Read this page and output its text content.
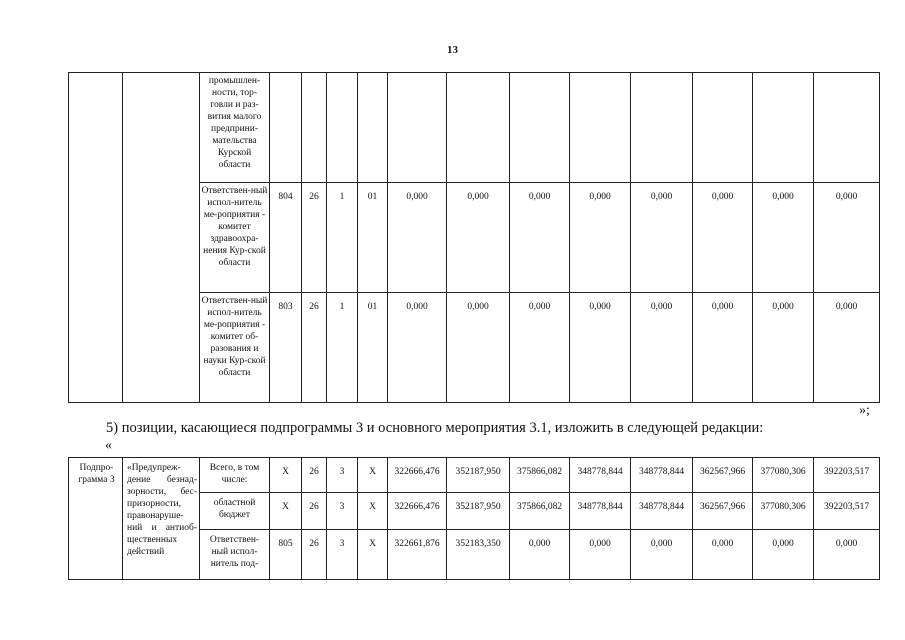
13
		промышлен-ности, тор-говли и раз-вития малого предприни-мательства Курской области												
		Ответствен-ный испол-нитель ме-роприятия - комитет здравоохра-нения Кур-ской области	804	26	1	01	0,000	0,000	0,000	0,000	0,000	0,000	0,000	0,000
		Ответствен-ный испол-нитель ме-роприятия - комитет об-разования и науки Кур-ской области	803	26	1	01	0,000	0,000	0,000	0,000	0,000	0,000	0,000	0,000
»;
5) позиции, касающиеся подпрограммы 3 и основного мероприятия 3.1, изложить в следующей редакции:
«
Подпро-грамма 3	«Предупреж-дение безнад-зорности, бес-призорности, правонаруше-ний и антиоб-щественных действий	Всего, в том числе:	X	26	3	X	322666,476	352187,950	375866,082	348778,844	348778,844	362567,966	377080,306	392203,517
		областной бюджет	X	26	3	X	322666,476	352187,950	375866,082	348778,844	348778,844	362567,966	377080,306	392203,517
		Ответствен-ный испол-нитель под-	805	26	3	X	322661,876	352183,350	0,000	0,000	0,000	0,000	0,000	0,000
